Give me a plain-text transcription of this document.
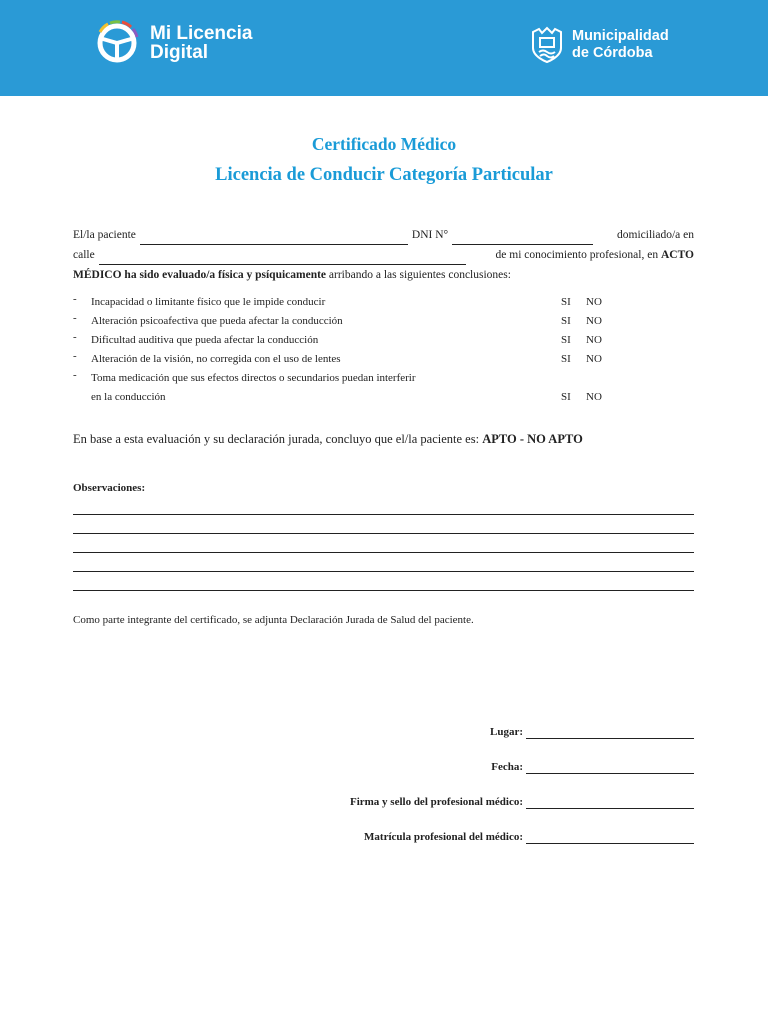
Mi Licencia
Digital
Municipalidad
de Córdoba
Certificado Médico
Licencia de Conducir Categoría Particular
El/la paciente	DNI N°	domiciliado/a en
calle	de mi conocimiento profesional, en
ACTO
MÉDICO ha sido evaluado/a física y psíquicamente
arribando a las siguientes conclusiones:
- Incapacidad o limitante físico que le impide conducir	SI NO
- Alteración psicoafectiva que pueda afectar la conducción	SI NO
- Dificultad auditiva que pueda afectar la conducción	SI NO
- Alteración de la visión, no corregida con el uso de lentes	SI NO
- Toma medicación que sus efectos directos o secundarios puedan interferir en la conducción	SI NO

En base a esta evaluación y su declaración jurada, concluyo que el/la paciente es: APTO - NO APTO

Observaciones:

Como parte integrante del certificado, se adjunta Declaración Jurada de Salud del paciente.

Lugar:
Fecha:
Firma y sello del profesional médico:
Matrícula profesional del médico:
